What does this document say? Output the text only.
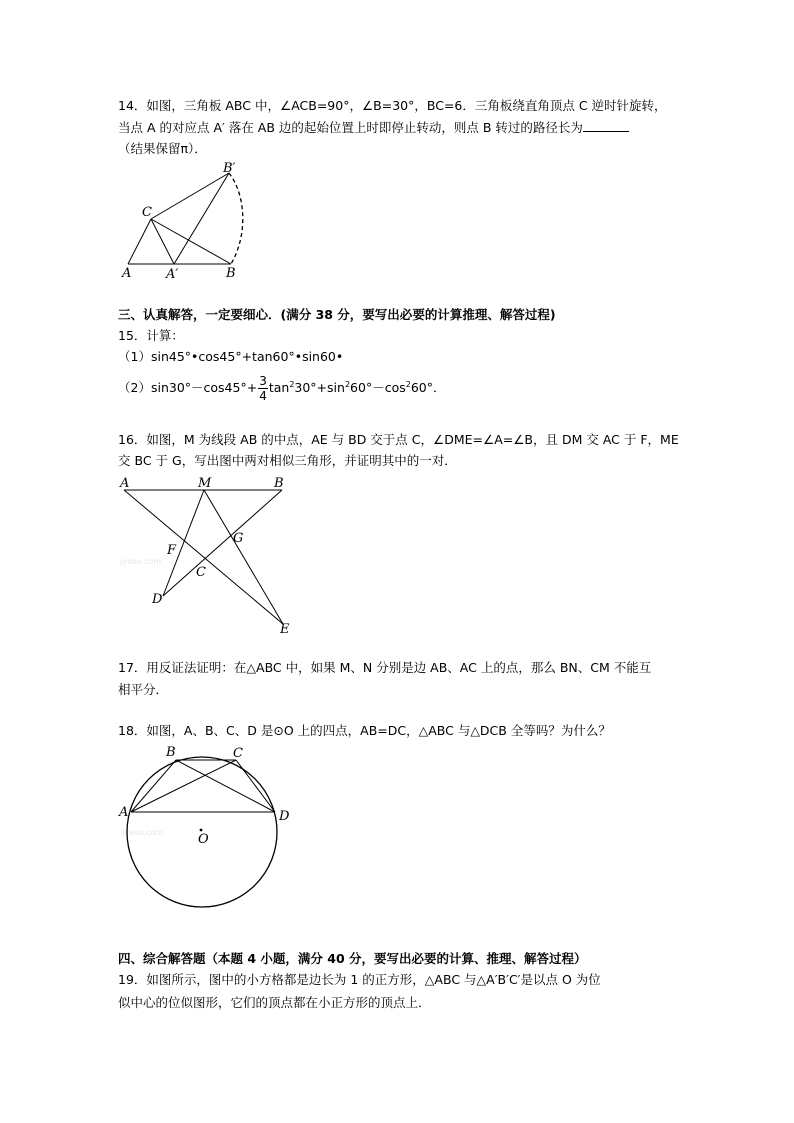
14．如图，三角板 ABC 中，∠ACB=90°，∠B=30°，BC=6．三角板绕直角顶点 C 逆时针旋转，
当点 A 的对应点 A′ 落在 AB 边的起始位置上时即停止转动，则点 B 转过的路径长为
（结果保留π）．
B′
C
A	A′	B
三、认真解答，一定要细心．(满分 38 分，要写出必要的计算推理、解答过程)
15．计算：
（1）sin45°•cos45°+tan60°•sin60•
$(2)\sin 30^\circ-\cos 45^\circ+ \frac{3}{4} \tan^230^\circ+\sin^260^\circ-\cos^260^\circ$．
16．如图，M 为线段 AB 的中点，AE 与 BD 交于点 C，∠DME=∠A=∠B，且 DM 交 AC 于 F，ME
交 BC 于 G，写出图中两对相似三角形，并证明其中的一对．
jyeoo.com
A	M	B
F
G
C
D
E
17．用反证法证明：在△ABC 中，如果 M、N 分别是边 AB、AC 上的点，那么 BN、CM 不能互
相平分．
18．如图，A、B、C、D 是⊙O 上的四点，AB=DC，△ABC 与△DCB 全等吗？为什么？
jyeoo.com
B	C
A	D
O
四、综合解答题（本题 4 小题，满分 40 分，要写出必要的计算、推理、解答过程）
19．如图所示，图中的小方格都是边长为 1 的正方形，△ABC 与△A′B′C′是以点 O 为位
似中心的位似图形，它们的顶点都在小正方形的顶点上．
